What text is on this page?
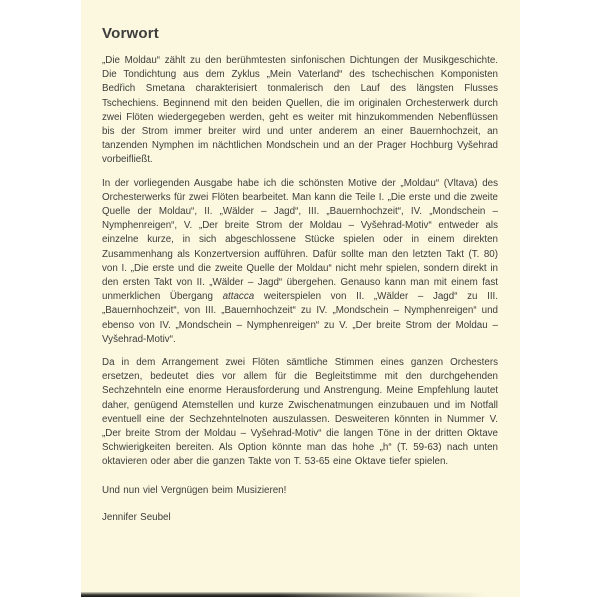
Vorwort

„Die Moldau“ zählt zu den berühmtesten sinfonischen Dichtungen der Musikgeschichte. Die Tondichtung aus dem Zyklus „Mein Vaterland“ des tschechischen Komponisten Bedřich Smetana charakterisiert tonmalerisch den Lauf des längsten Flusses Tschechiens. Beginnend mit den beiden Quellen, die im originalen Orchesterwerk durch zwei Flöten wiedergegeben werden, geht es weiter mit hinzukommenden Nebenflüssen bis der Strom immer breiter wird und unter anderem an einer Bauernhochzeit, an tanzenden Nymphen im nächtlichen Mondschein und an der Prager Hochburg Vyšehrad vorbeifließt.

In der vorliegenden Ausgabe habe ich die schönsten Motive der „Moldau“ (Vltava) des Orchesterwerks für zwei Flöten bearbeitet. Man kann die Teile I. „Die erste und die zweite Quelle der Moldau“, II. „Wälder – Jagd“, III. „Bauernhochzeit“, IV. „Mondschein – Nymphenreigen“, V. „Der breite Strom der Moldau – Vyšehrad-Motiv“ entweder als einzelne kurze, in sich abgeschlossene Stücke spielen oder in einem direkten Zusammenhang als Konzertversion aufführen. Dafür sollte man den letzten Takt (T. 80) von I. „Die erste und die zweite Quelle der Moldau“ nicht mehr spielen, sondern direkt in den ersten Takt von II. „Wälder – Jagd“ übergehen. Genauso kann man mit einem fast unmerklichen Übergang attacca weiterspielen von II. „Wälder – Jagd“ zu III. „Bauernhochzeit“, von III. „Bauernhochzeit“ zu IV. „Mondschein – Nymphenreigen“ und ebenso von IV. „Mondschein – Nymphenreigen“ zu V. „Der breite Strom der Moldau – Vyšehrad-Motiv“.

Da in dem Arrangement zwei Flöten sämtliche Stimmen eines ganzen Orchesters ersetzen, bedeutet dies vor allem für die Begleitstimme mit den durchgehenden Sechzehnteln eine enorme Herausforderung und Anstrengung. Meine Empfehlung lautet daher, genügend Atemstellen und kurze Zwischenatmungen einzubauen und im Notfall eventuell eine der Sechzehntelnoten auszulassen. Desweiteren könnten in Nummer V. „Der breite Strom der Moldau – Vyšehrad-Motiv“ die langen Töne in der dritten Oktave Schwierigkeiten bereiten. Als Option könnte man das hohe „h“ (T. 59-63) nach unten oktavieren oder aber die ganzen Takte von T. 53-65 eine Oktave tiefer spielen.

Und nun viel Vergnügen beim Musizieren!

Jennifer Seubel
